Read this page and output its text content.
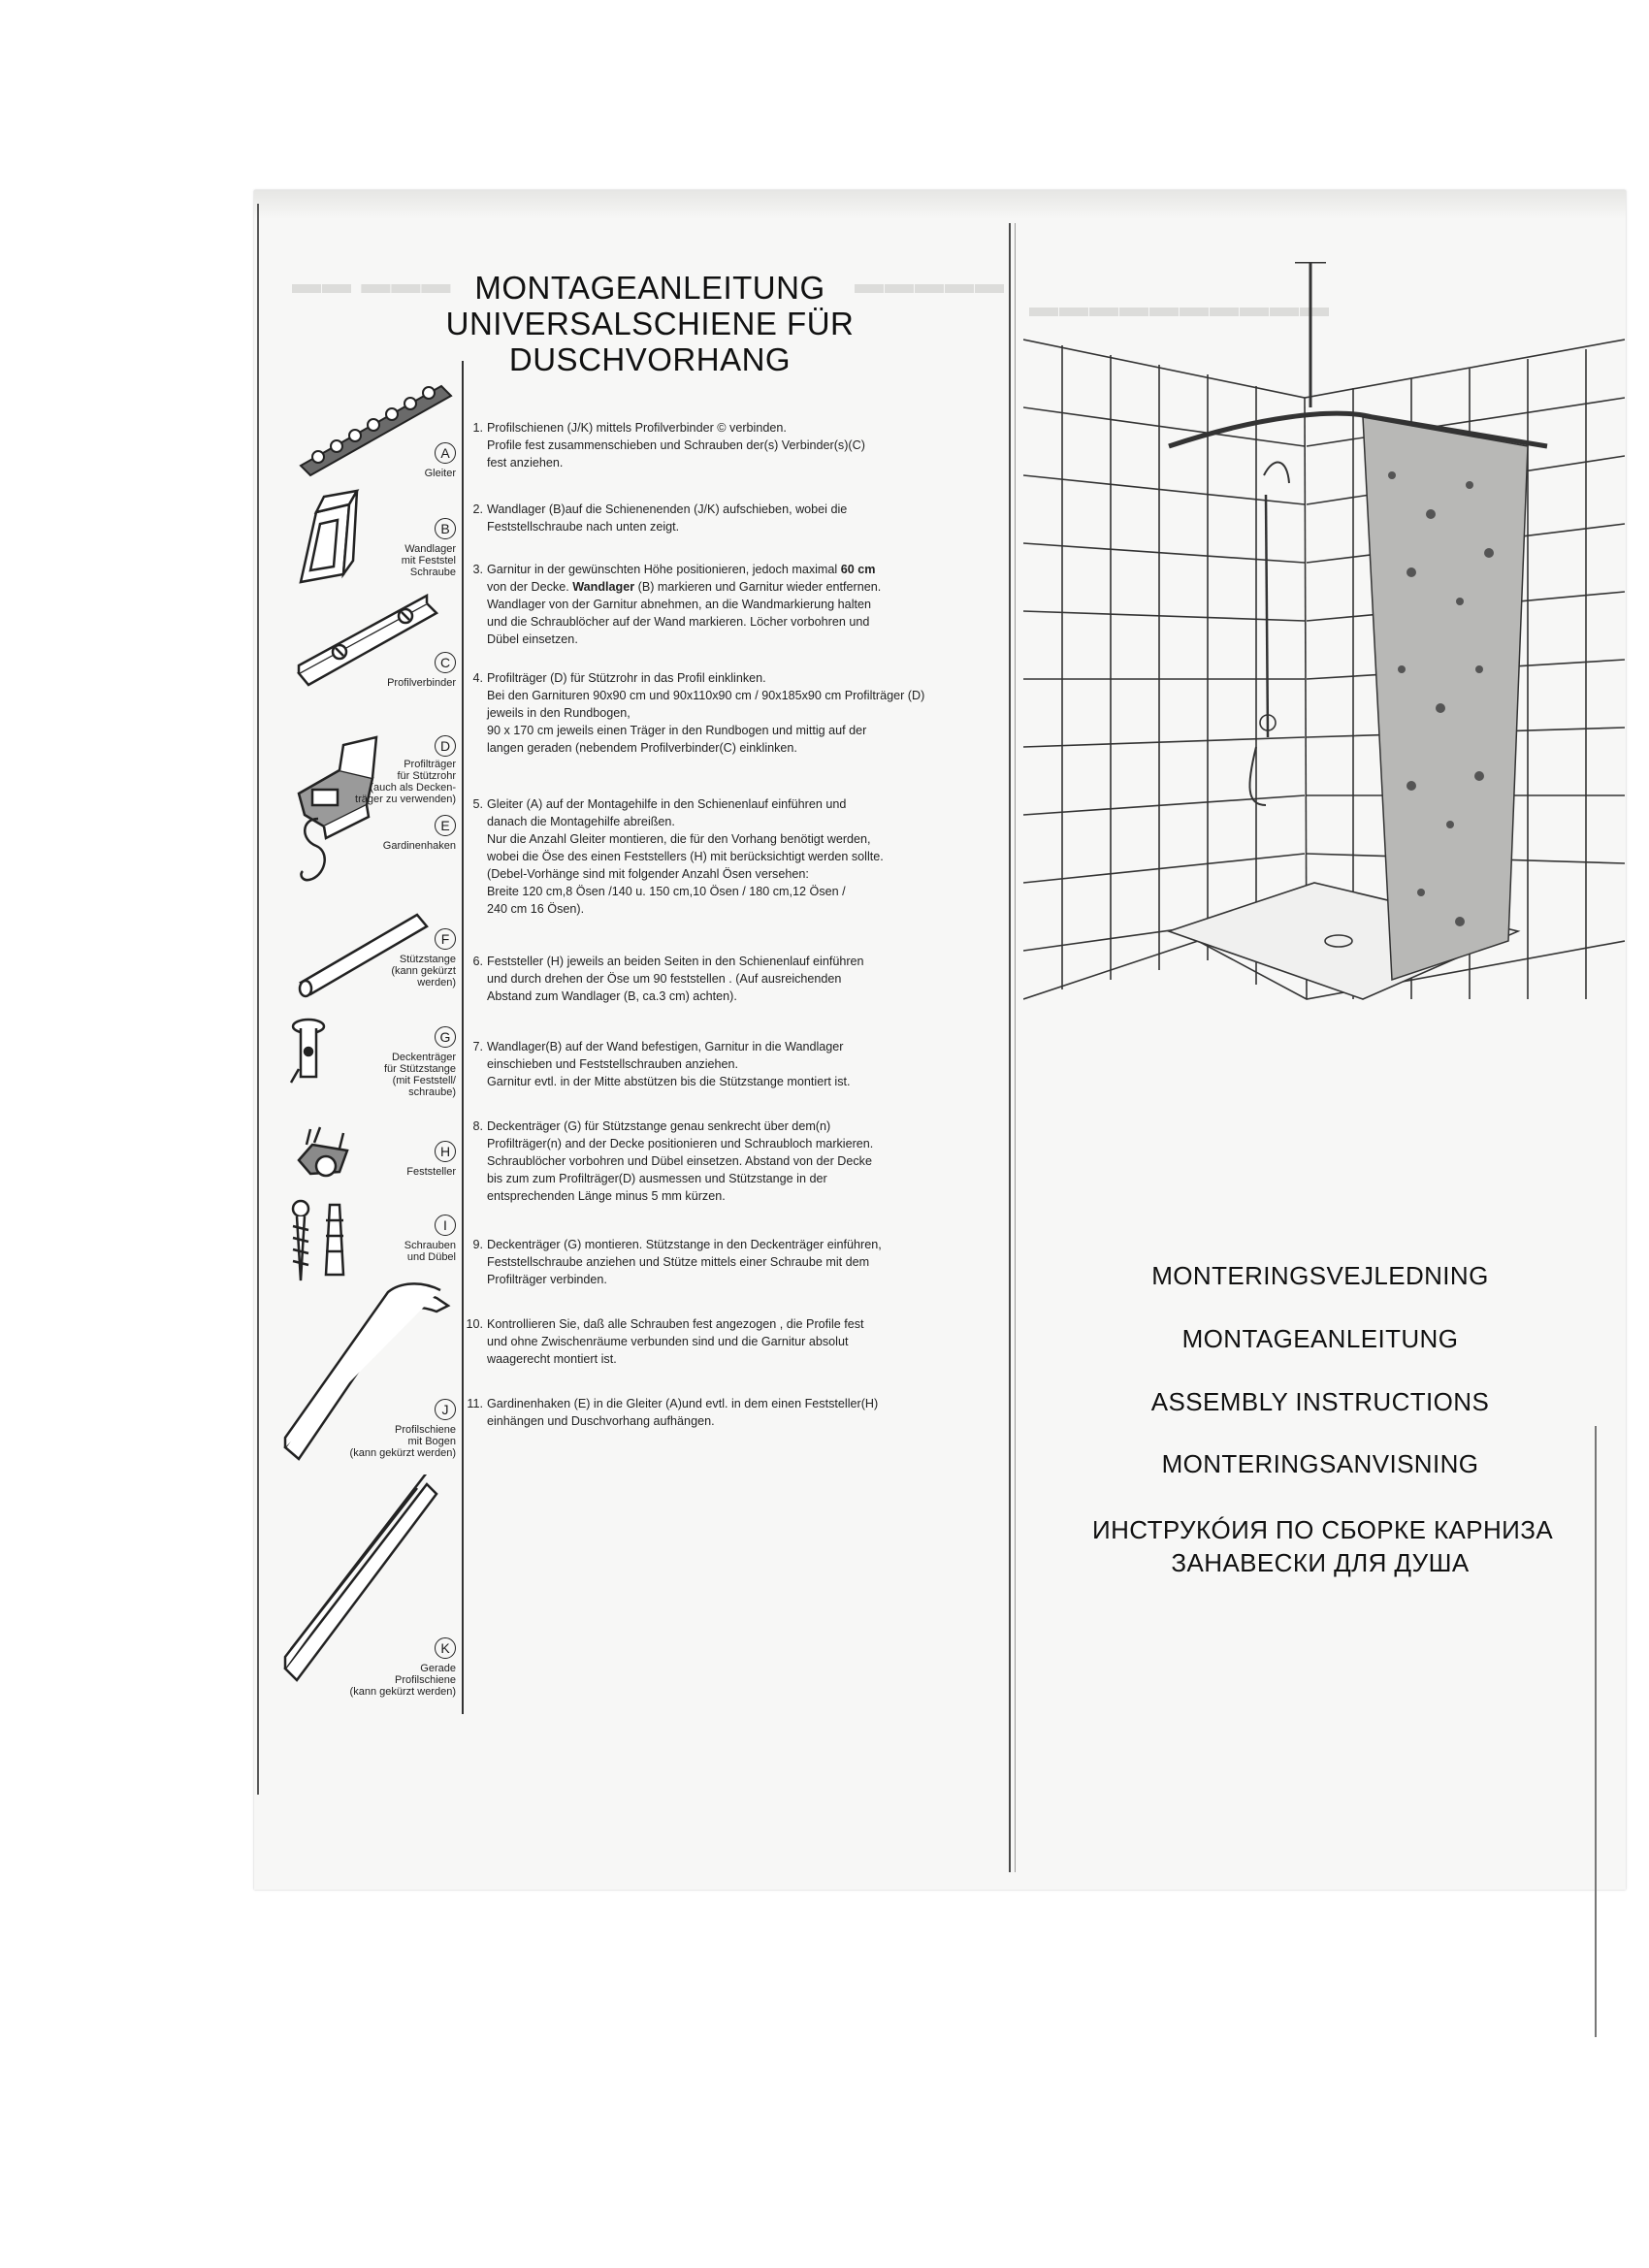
▬▬▬ ▬▬	▬▬▬▬▬
▬▬▬▬▬▬▬▬▬▬
MONTAGEANLEITUNG
UNIVERSALSCHIENE FÜR
DUSCHVORHANG
A
Gleiter
B
Wandlager
mit Feststel
Schraube
C
Profilverbinder
D
Profilträger
für Stützrohr
(auch als Decken-
träger zu verwenden)
E
Gardinenhaken
F
Stützstange
(kann gekürzt
werden)
G
Deckenträger
für Stützstange
(mit Feststell/
schraube)
H
Feststeller
I
Schrauben
und Dübel
J
Profilschiene
mit Bogen
(kann gekürzt werden)
K
Gerade
Profilschiene
(kann gekürzt werden)
1. Profilschienen (J/K) mittels Profilverbinder © verbinden.
Profile fest zusammenschieben und Schrauben der(s) Verbinder(s)(C)
fest anziehen.
2. Wandlager (B)auf die Schienenenden (J/K) aufschieben, wobei die
Feststellschraube nach unten zeigt.
3. Garnitur in der gewünschten Höhe positionieren, jedoch maximal 60 cm
von der Decke. Wandlager (B) markieren und Garnitur wieder entfernen.
Wandlager von der Garnitur abnehmen, an die Wandmarkierung halten
und die Schraublöcher auf der Wand markieren. Löcher vorbohren und
Dübel einsetzen.
4. Profilträger (D) für Stützrohr in das Profil einklinken.
Bei den Garnituren 90x90 cm und 90x110x90 cm / 90x185x90 cm Profilträger (D)
jeweils in den Rundbogen,
90 x 170 cm jeweils einen Träger in den Rundbogen und mittig auf der
langen geraden (nebendem Profilverbinder(C) einklinken.
5. Gleiter (A) auf der Montagehilfe in den Schienenlauf einführen und
danach die Montagehilfe abreißen.
Nur die Anzahl Gleiter montieren, die für den Vorhang benötigt werden,
wobei die Öse des einen Feststellers (H) mit berücksichtigt werden sollte.
(Debel-Vorhänge sind mit folgender Anzahl Ösen versehen:
Breite 120 cm,8 Ösen /140 u. 150 cm,10 Ösen / 180 cm,12 Ösen /
240 cm 16 Ösen).
6. Feststeller (H) jeweils an beiden Seiten in den Schienenlauf einführen
und durch drehen der Öse um 90 feststellen . (Auf ausreichenden
Abstand zum Wandlager (B, ca.3 cm) achten).
7. Wandlager(B) auf der Wand befestigen, Garnitur in die Wandlager
einschieben und Feststellschrauben anziehen.
Garnitur evtl. in der Mitte abstützen bis die Stützstange montiert ist.
8. Deckenträger (G) für Stützstange genau senkrecht über dem(n)
Profilträger(n) and der Decke positionieren und Schraubloch markieren.
Schraublöcher vorbohren und Dübel einsetzen. Abstand von der Decke
bis zum zum Profilträger(D) ausmessen und Stützstange in der
entsprechenden Länge minus 5 mm kürzen.
9. Deckenträger (G) montieren. Stützstange in den Deckenträger einführen,
Feststellschraube anziehen und Stütze mittels einer Schraube mit dem
Profilträger verbinden.
10. Kontrollieren Sie, daß alle Schrauben fest angezogen , die Profile fest
und ohne Zwischenräume verbunden sind und die Garnitur absolut
waagerecht montiert ist.
11. Gardinenhaken (E) in die Gleiter (A)und evtl. in dem einen Feststeller(H)
einhängen und Duschvorhang aufhängen.
MONTERINGSVEJLEDNING
MONTAGEANLEITUNG
ASSEMBLY INSTRUCTIONS
MONTERINGSANVISNING
ИНСТРУКÓИЯ ПО СБОРКЕ КАРНИЗА
ЗАНАВЕСКИ ДЛЯ ДУША
